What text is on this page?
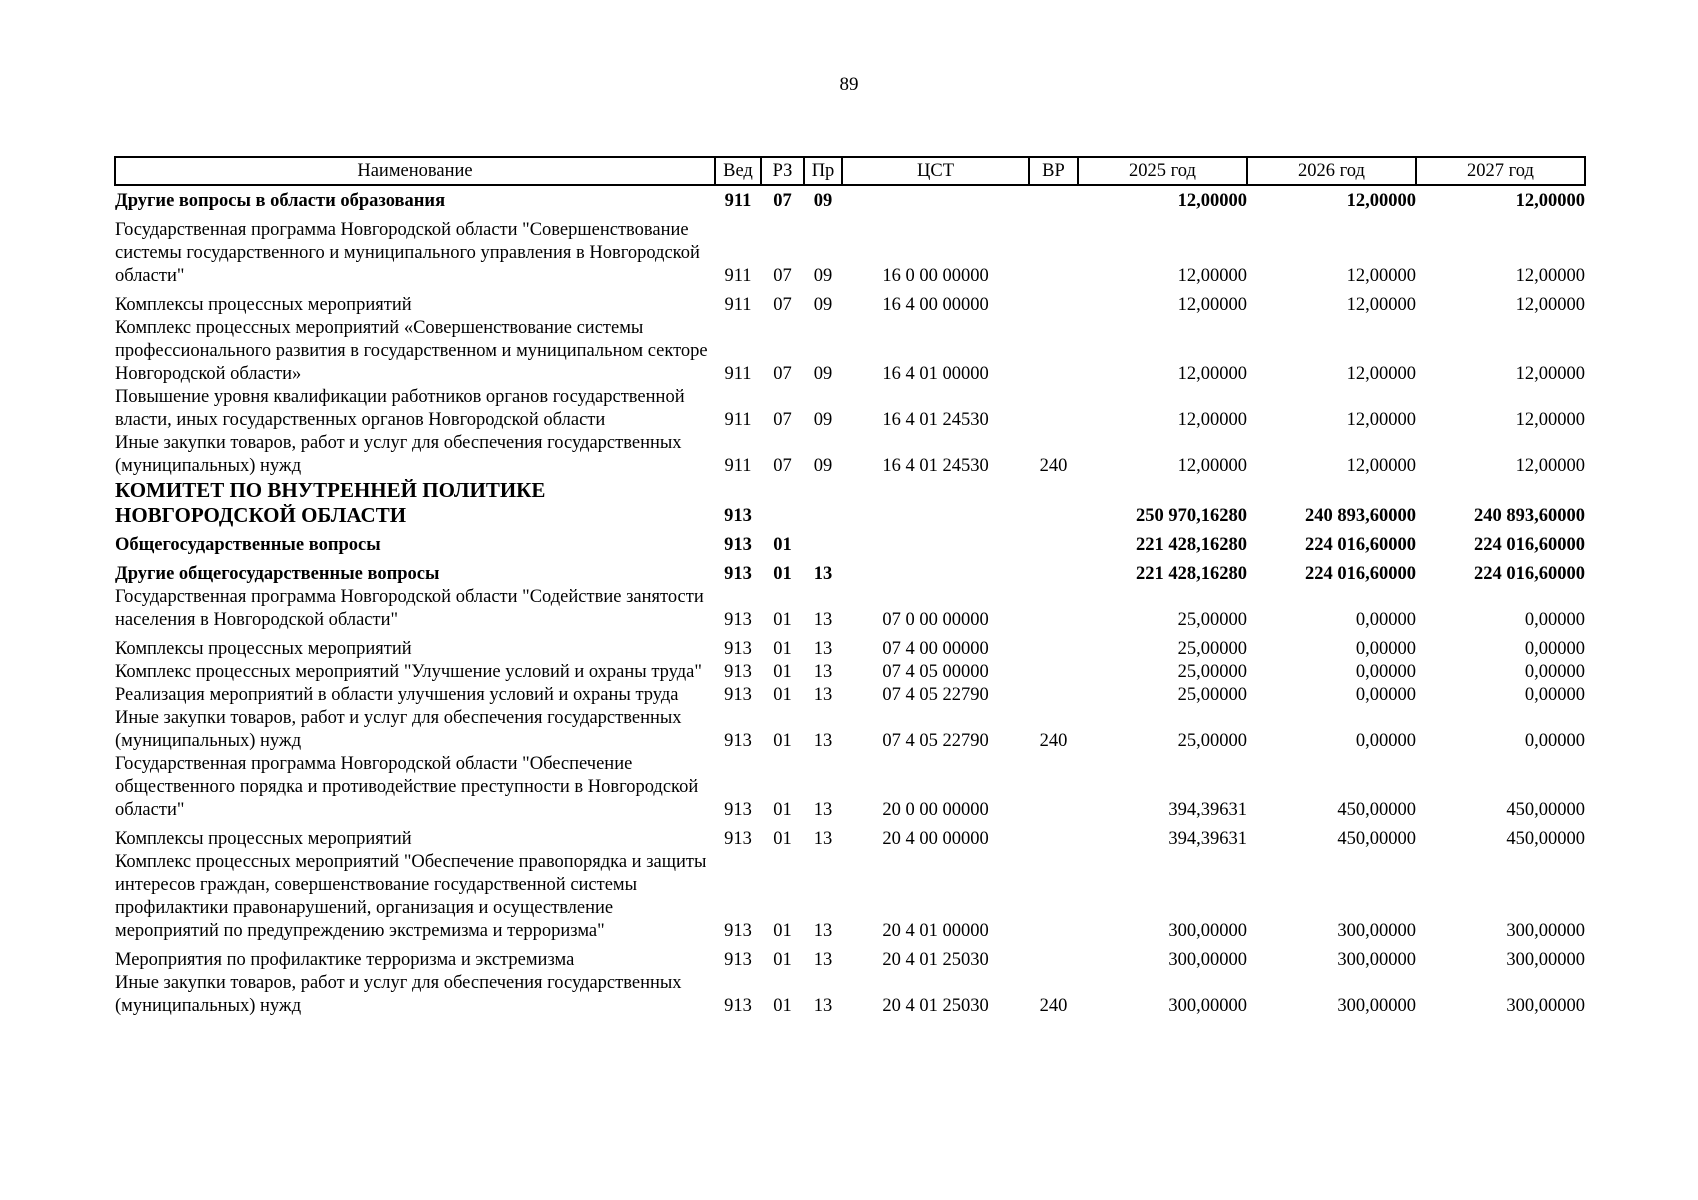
89
Наименование	Вед	РЗ	Пр	ЦСТ	ВР	2025 год	2026 год	2027 год
Другие вопросы в области образования	911	07	09			12,00000	12,00000	12,00000
Государственная программа Новгородской области "Совершенствование системы государственного и муниципального управления в Новгородской области"	911	07	09	16 0 00 00000		12,00000	12,00000	12,00000
Комплексы процессных мероприятий	911	07	09	16 4 00 00000		12,00000	12,00000	12,00000
Комплекс процессных мероприятий «Совершенствование системы профессионального развития в государственном и муниципальном секторе Новгородской области»	911	07	09	16 4 01 00000		12,00000	12,00000	12,00000
Повышение уровня квалификации работников органов государственной власти, иных государственных органов Новгородской области	911	07	09	16 4 01 24530		12,00000	12,00000	12,00000
Иные закупки товаров, работ и услуг для обеспечения государственных (муниципальных) нужд	911	07	09	16 4 01 24530	240	12,00000	12,00000	12,00000
КОМИТЕТ ПО ВНУТРЕННЕЙ ПОЛИТИКЕ НОВГОРОДСКОЙ ОБЛАСТИ	913					250 970,16280	240 893,60000	240 893,60000
Общегосударственные вопросы	913	01				221 428,16280	224 016,60000	224 016,60000
Другие общегосударственные вопросы	913	01	13			221 428,16280	224 016,60000	224 016,60000
Государственная программа Новгородской области "Содействие занятости населения в Новгородской области"	913	01	13	07 0 00 00000		25,00000	0,00000	0,00000
Комплексы процессных мероприятий	913	01	13	07 4 00 00000		25,00000	0,00000	0,00000
Комплекс процессных мероприятий "Улучшение условий и охраны труда"	913	01	13	07 4 05 00000		25,00000	0,00000	0,00000
Реализация мероприятий в области улучшения условий и охраны труда	913	01	13	07 4 05 22790		25,00000	0,00000	0,00000
Иные закупки товаров, работ и услуг для обеспечения государственных (муниципальных) нужд	913	01	13	07 4 05 22790	240	25,00000	0,00000	0,00000
Государственная программа Новгородской области "Обеспечение общественного порядка и противодействие преступности в Новгородской области"	913	01	13	20 0 00 00000		394,39631	450,00000	450,00000
Комплексы процессных мероприятий	913	01	13	20 4 00 00000		394,39631	450,00000	450,00000
Комплекс процессных мероприятий "Обеспечение правопорядка и защиты интересов граждан, совершенствование государственной системы профилактики правонарушений, организация и осуществление мероприятий по предупреждению экстремизма и терроризма"	913	01	13	20 4 01 00000		300,00000	300,00000	300,00000
Мероприятия по профилактике терроризма и экстремизма	913	01	13	20 4 01 25030		300,00000	300,00000	300,00000
Иные закупки товаров, работ и услуг для обеспечения государственных (муниципальных) нужд	913	01	13	20 4 01 25030	240	300,00000	300,00000	300,00000
